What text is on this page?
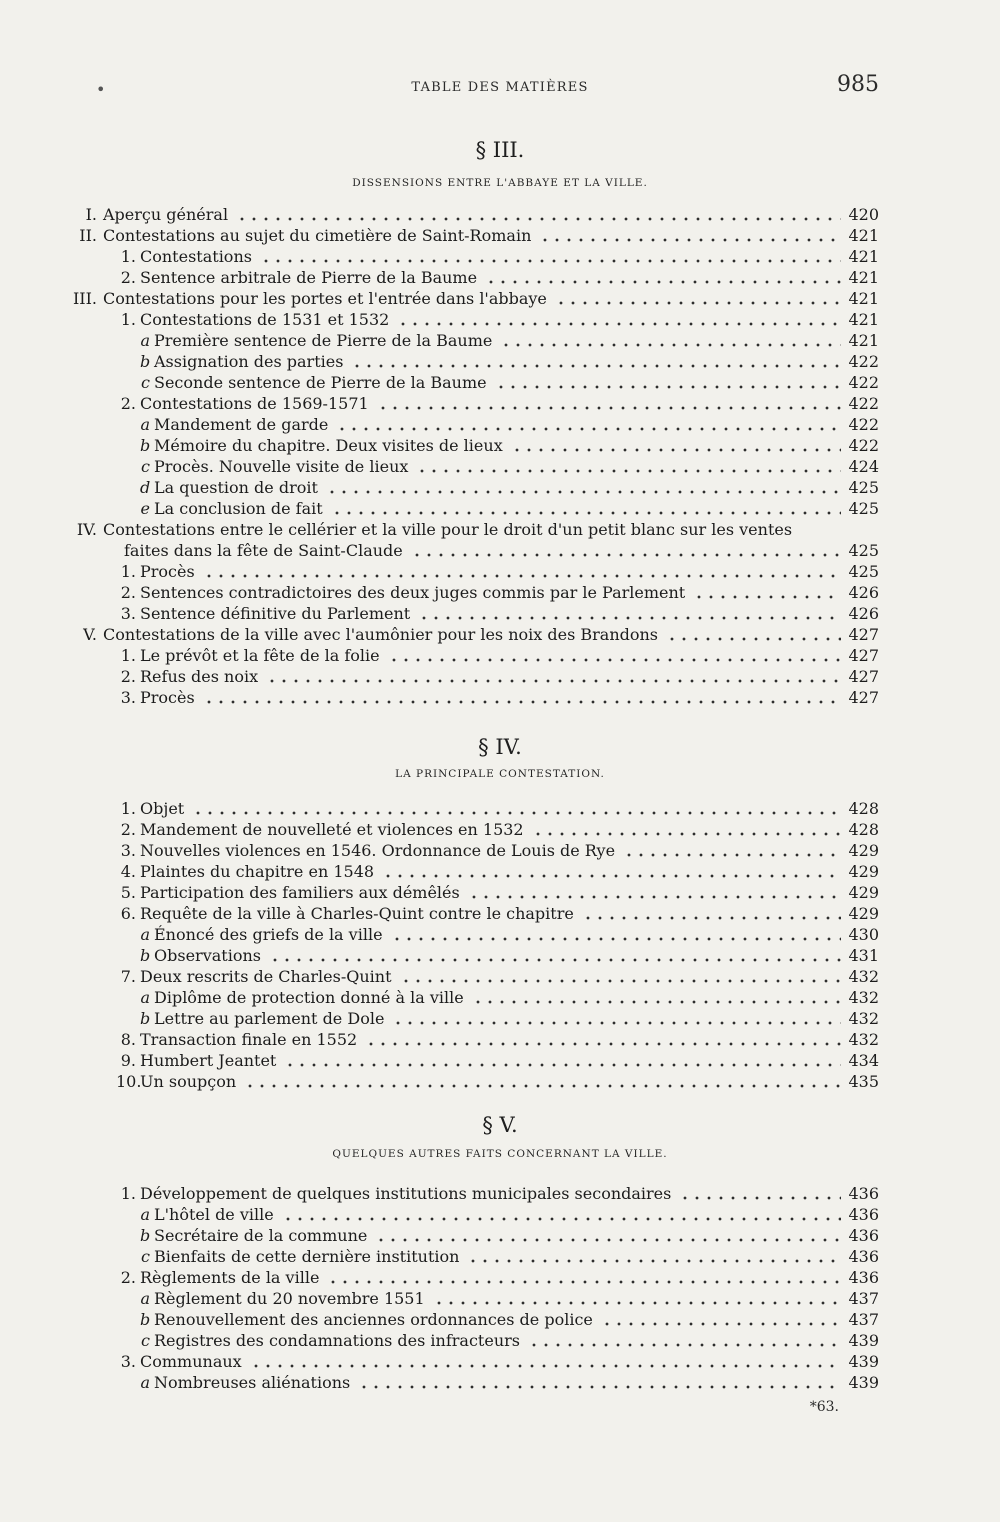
•	TABLE DES MATIÈRES	985
§ III.
DISSENSIONS ENTRE L'ABBAYE ET LA VILLE.
§ IV.
LA PRINCIPALE CONTESTATION.
§ V.
QUELQUES AUTRES FAITS CONCERNANT LA VILLE.
I. Aperçu général	420
II. Contestations au sujet du cimetière de Saint-Romain	421
1. Contestations	421
2. Sentence arbitrale de Pierre de la Baume	421
III. Contestations pour les portes et l'entrée dans l'abbaye	421
1. Contestations de 1531 et 1532	421
a Première sentence de Pierre de la Baume	421
b Assignation des parties	422
c Seconde sentence de Pierre de la Baume	422
2. Contestations de 1569-1571	422
a Mandement de garde	422
b Mémoire du chapitre. Deux visites de lieux	422
c Procès. Nouvelle visite de lieux	424
d La question de droit	425
e La conclusion de fait	425
IV. Contestations entre le cellérier et la ville pour le droit d'un petit blanc sur les ventes
faites dans la fête de Saint-Claude	425
1. Procès	425
2. Sentences contradictoires des deux juges commis par le Parlement	426
3. Sentence définitive du Parlement	426
V. Contestations de la ville avec l'aumônier pour les noix des Brandons	427
1. Le prévôt et la fête de la folie	427
2. Refus des noix	427
3. Procès	427
1. Objet	428
2. Mandement de nouvelleté et violences en 1532	428
3. Nouvelles violences en 1546. Ordonnance de Louis de Rye	429
4. Plaintes du chapitre en 1548	429
5. Participation des familiers aux démêlés	429
6. Requête de la ville à Charles-Quint contre le chapitre	429
a Énoncé des griefs de la ville	430
b Observations	431
7. Deux rescrits de Charles-Quint	432
a Diplôme de protection donné à la ville	432
b Lettre au parlement de Dole	432
8. Transaction finale en 1552	432
9. Humbert Jeantet	434
10.
Un soupçon	435
1. Développement de quelques institutions municipales secondaires	436
a L'hôtel de ville	436
b Secrétaire de la commune	436
c Bienfaits de cette dernière institution	436
2. Règlements de la ville	436
a Règlement du 20 novembre 1551	437
b Renouvellement des anciennes ordonnances de police	437
c Registres des condamnations des infracteurs	439
3. Communaux	439
a Nombreuses aliénations	439
*63.
